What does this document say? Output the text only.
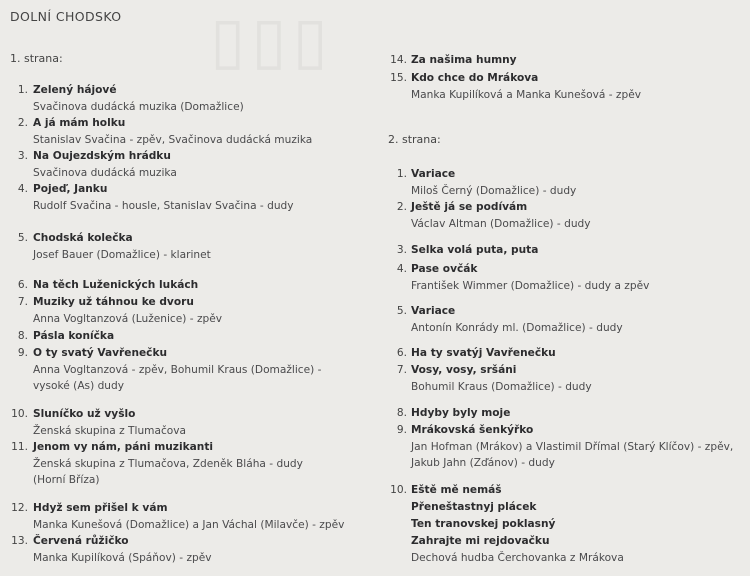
▯▯▯
DOLNÍ CHODSKO
1. strana:
1. Zelený hájové
Svačinova dudácká muzika (Domažlice)
2. A já mám holku
Stanislav Svačina - zpěv, Svačinova dudácká muzika
3. Na Oujezdským hrádku
Svačinova dudácká muzika
4. Pojeď, Janku
Rudolf Svačina - housle, Stanislav Svačina - dudy
5. Chodská kolečka
Josef Bauer (Domažlice) - klarinet
6. Na těch Luženických lukách
7. Muziky už táhnou ke dvoru
Anna Vogltanzová (Luženice) - zpěv
8. Pásla koníčka
9. O ty svatý Vavřenečku
Anna Vogltanzová - zpěv, Bohumil Kraus (Domažlice) -
vysoké (As) dudy
10. Sluníčko už vyšlo
Ženská skupina z Tlumačova
11. Jenom vy nám, páni muzikanti
Ženská skupina z Tlumačova, Zdeněk Bláha - dudy
(Horní Bříza)
12. Hdyž sem přišel k vám
Manka Kunešová (Domažlice) a Jan Váchal (Milavče) - zpěv
13. Červená růžičko
Manka Kupilíková (Spáňov) - zpěv
14. Za našima humny
15. Kdo chce do Mrákova
Manka Kupilíková a Manka Kunešová - zpěv
2. strana:
1. Variace
Miloš Černý (Domažlice) - dudy
2. Ještě já se podívám
Václav Altman (Domažlice) - dudy
3. Selka volá puta, puta
4. Pase ovčák
František Wimmer (Domažlice) - dudy a zpěv
5. Variace
Antonín Konrády ml. (Domažlice) - dudy
6. Ha ty svatýj Vavřenečku
7. Vosy, vosy, sršáni
Bohumil Kraus (Domažlice) - dudy
8. Hdyby byly moje
9. Mrákovská šenkýřko
Jan Hofman (Mrákov) a Vlastimil Dřímal (Starý Klíčov) - zpěv,
Jakub Jahn (Zďánov) - dudy
10. Eště mě nemáš
Přeneštastnyj plácek
Ten tranovskej poklasný
Zahrajte mi rejdovačku
Dechová hudba Čerchovanka z Mrákova
